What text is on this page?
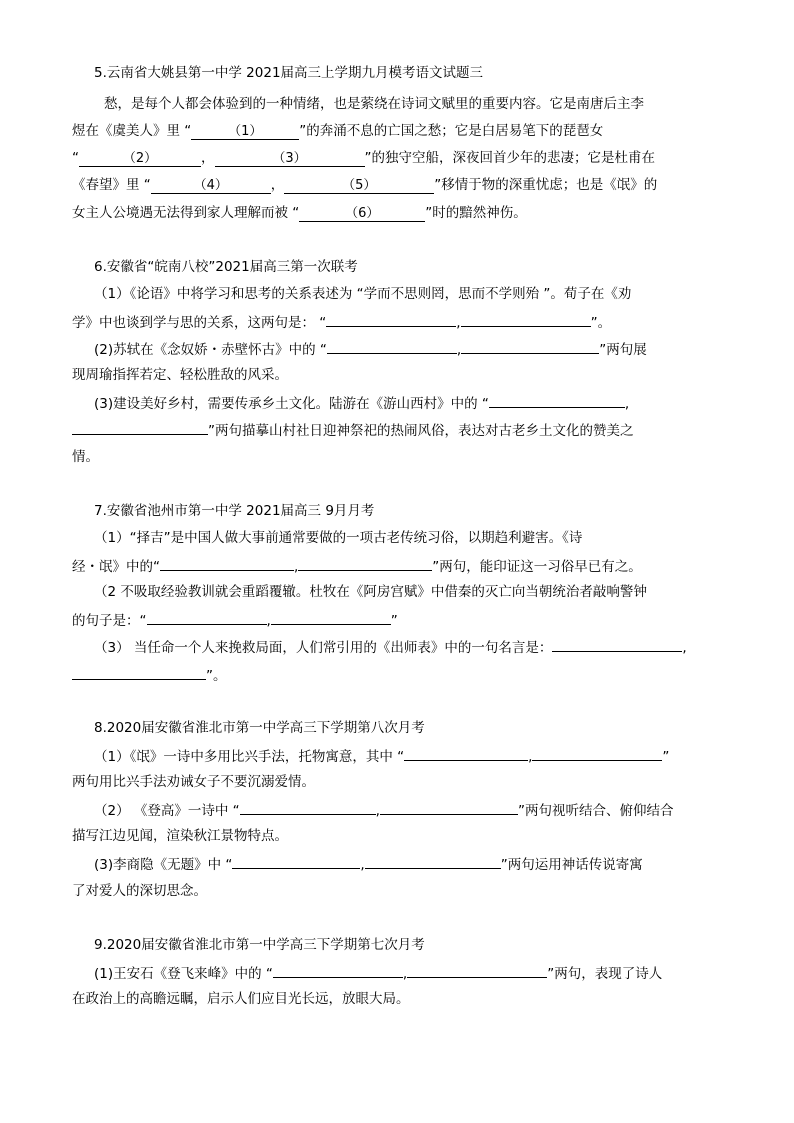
5.云南省大姚县第一中学 2021届高三上学期九月模考语文试题三
愁，是每个人都会体验到的一种情绪，也是萦绕在诗词文赋里的重要内容。它是南唐后主李
煜在《虞美人》里 “	（1）	”的奔涌不息的亡国之愁；它是白居易笔下的琵琶女
“	（2）	，	（3）	”的独守空船，深夜回首少年的悲凄；它是杜甫在
《春望》里 “	（4）	，	（5）	”移情于物的深重忧虑；也是《氓》的
女主人公境遇无法得到家人理解而被 “	（6）	”时的黯然神伤。
6.安徽省“皖南八校”2021届高三第一次联考
（1）《论语》中将学习和思考的关系表述为 “学而不思则罔，思而不学则殆 ”。荀子在《劝
学》中也谈到学与思的关系，这两句是： “	,	”。
(2)苏轼在《念奴娇・赤壁怀古》中的 “	,	”两句展
现周瑜指挥若定、轻松胜敌的风采。
(3)建设美好乡村，需要传承乡土文化。陆游在《游山西村》中的 “	,
”两句描摹山村社日迎神祭祀的热闹风俗，表达对古老乡土文化的赞美之
情。
7.安徽省池州市第一中学 2021届高三 9月月考
（1）“择吉”是中国人做大事前通常要做的一项古老传统习俗，以期趋利避害。《诗
经・氓》中的“	,	”两句，能印证这一习俗早已有之。
（2 不吸取经验教训就会重蹈覆辙。杜牧在《阿房宫赋》中借秦的灭亡向当朝统治者敲响警钟
的句子是：“	,	”
（3） 当任命一个人来挽救局面，人们常引用的《出师表》中的一句名言是：	,
”。
8.2020届安徽省淮北市第一中学高三下学期第八次月考
（1）《氓》一诗中多用比兴手法，托物寓意，其中 “	,	”
两句用比兴手法劝诫女子不要沉溺爱情。
（2） 《登高》一诗中 “	,	”两句视听结合、俯仰结合
描写江边见闻，渲染秋江景物特点。
(3)李商隐《无题》中 “	,	”两句运用神话传说寄寓
了对爱人的深切思念。
9.2020届安徽省淮北市第一中学高三下学期第七次月考
(1)王安石《登飞来峰》中的 “	,	”两句，表现了诗人
在政治上的高瞻远瞩，启示人们应目光长远，放眼大局。
